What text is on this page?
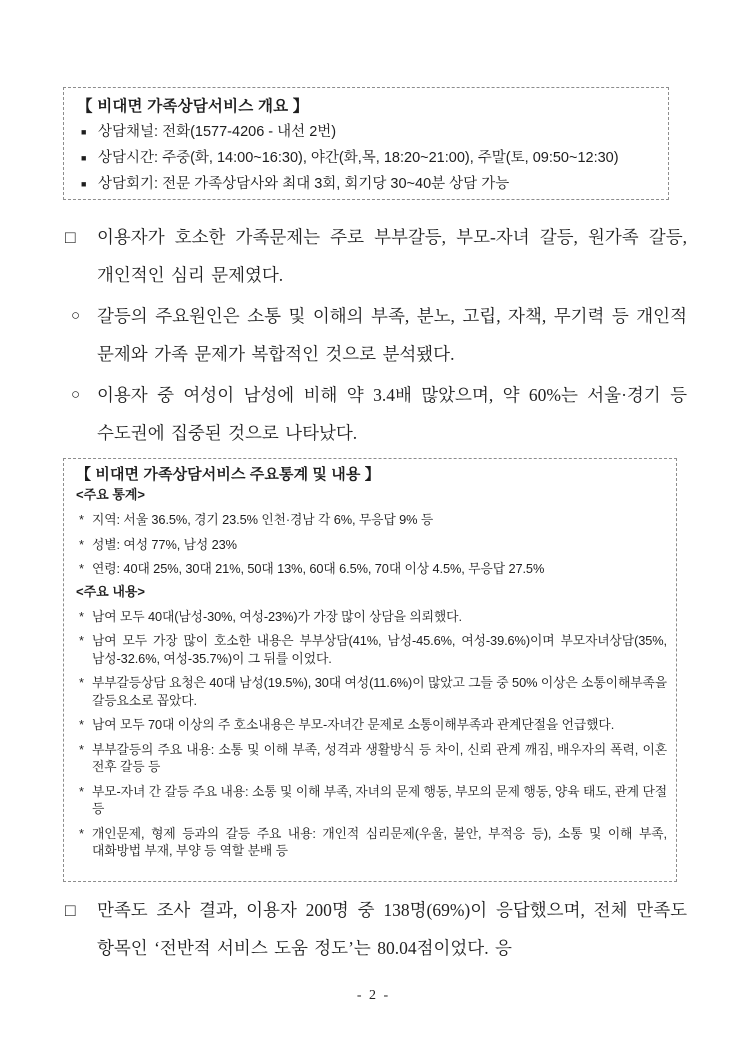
【 비대면 가족상담서비스 개요 】
■ 상담채널: 전화(1577-4206 - 내선 2번)
■ 상담시간: 주중(화, 14:00~16:30), 야간(화,목, 18:20~21:00), 주말(토, 09:50~12:30)
■ 상담회기: 전문 가족상담사와 최대 3회, 회기당 30~40분 상담 가능
□	이용자가 호소한 가족문제는 주로 부부갈등, 부모-자녀 갈등, 원가족 갈등, 개인적인 심리 문제였다.
○ 갈등의 주요원인은 소통 및 이해의 부족, 분노, 고립, 자책, 무기력 등 개인적 문제와 가족 문제가 복합적인 것으로 분석됐다.
○ 이용자 중 여성이 남성에 비해 약 3.4배 많았으며, 약 60%는 서울·경기 등 수도권에 집중된 것으로 나타났다.
【 비대면 가족상담서비스 주요통계 및 내용 】
<주요 통계>
* 지역: 서울 36.5%, 경기 23.5% 인천·경남 각 6%, 무응답 9% 등
* 성별: 여성 77%, 남성 23%
* 연령: 40대 25%, 30대 21%, 50대 13%, 60대 6.5%, 70대 이상 4.5%, 무응답 27.5%
<주요 내용>
* 남여 모두 40대(남성-30%, 여성-23%)가 가장 많이 상담을 의뢰했다.
* 남여 모두 가장 많이 호소한 내용은 부부상담(41%, 남성-45.6%, 여성-39.6%)이며 부모자녀상담(35%, 남성-32.6%, 여성-35.7%)이 그 뒤를 이었다.
* 부부갈등상담 요청은 40대 남성(19.5%), 30대 여성(11.6%)이 많았고 그들 중 50% 이상은 소통이해부족을 갈등요소로 꼽았다.
* 남여 모두 70대 이상의 주 호소내용은 부모-자녀간 문제로 소통이해부족과 관계단절을 언급했다.
* 부부갈등의 주요 내용: 소통 및 이해 부족, 성격과 생활방식 등 차이, 신뢰 관계 깨짐, 배우자의 폭력, 이혼 전후 갈등 등
* 부모-자녀 간 갈등 주요 내용: 소통 및 이해 부족, 자녀의 문제 행동, 부모의 문제 행동, 양육 태도, 관계 단절 등
* 개인문제, 형제 등과의 갈등 주요 내용: 개인적 심리문제(우울, 불안, 부적응 등), 소통 및 이해 부족, 대화방법 부재, 부양 등 역할 분배 등
□	만족도 조사 결과, 이용자 200명 중 138명(69%)이 응답했으며, 전체 만족도 항목인 ‘전반적 서비스 도움 정도’는 80.04점이었다. 응
- 2 -
